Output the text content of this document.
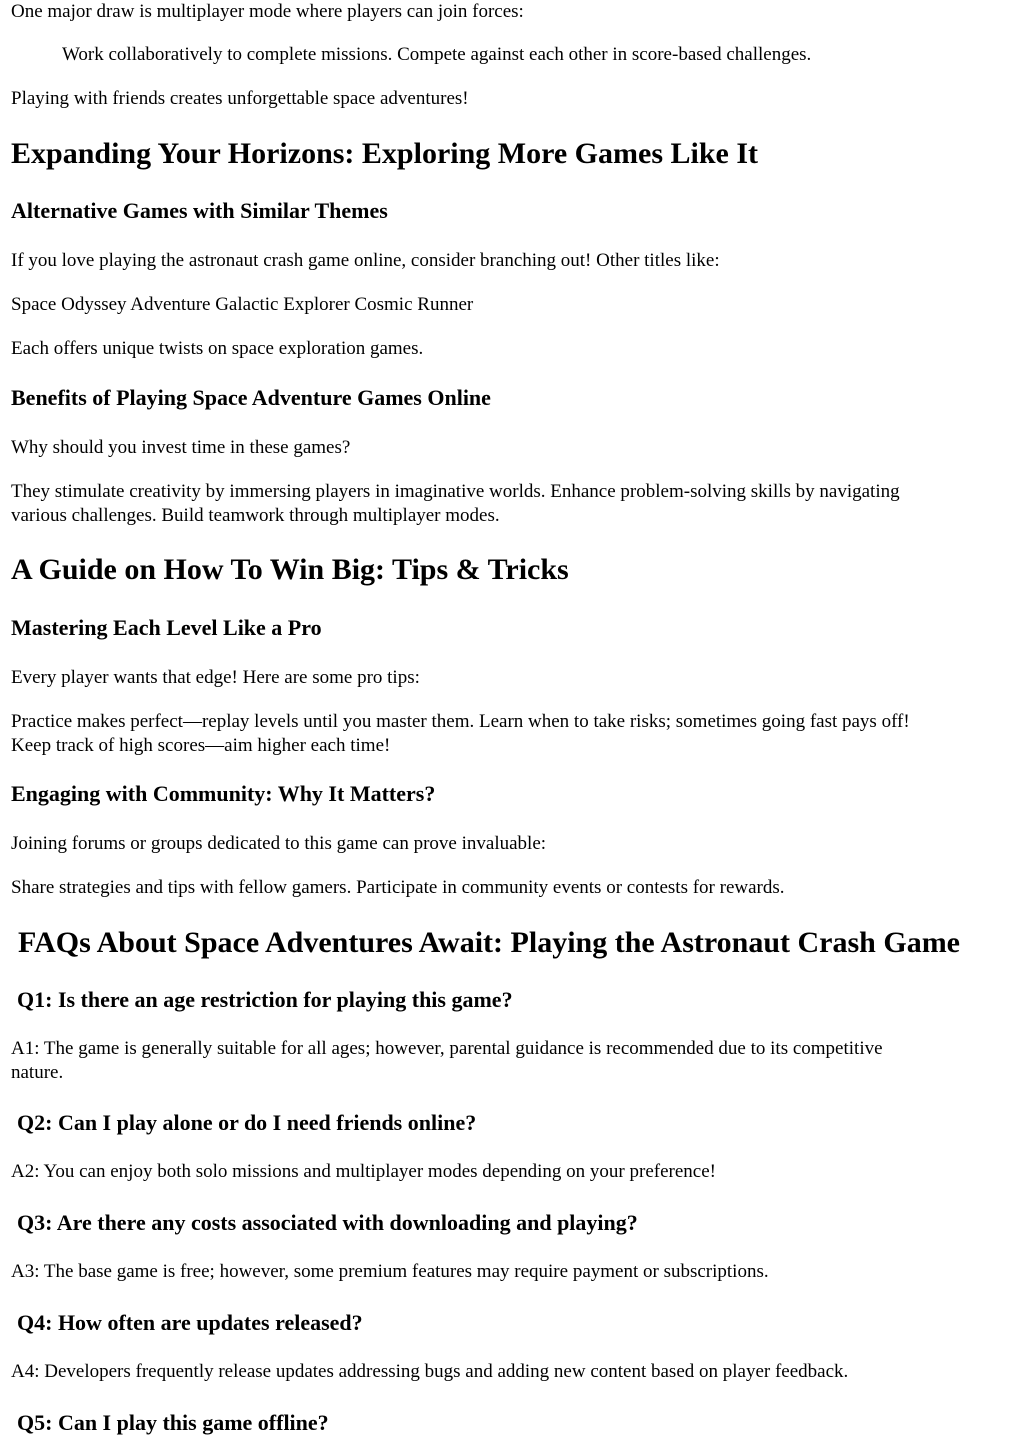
One major draw is multiplayer mode where players can join forces:

Work collaboratively to complete missions. Compete against each other in score-based challenges.

Playing with friends creates unforgettable space adventures!

Expanding Your Horizons: Exploring More Games Like It
Alternative Games with Similar Themes

If you love playing the astronaut crash game online, consider branching out! Other titles like:

Space Odyssey Adventure Galactic Explorer Cosmic Runner

Each offers unique twists on space exploration games.

Benefits of Playing Space Adventure Games Online

Why should you invest time in these games?

They stimulate creativity by immersing players in imaginative worlds. Enhance problem-solving skills by navigating

various challenges. Build teamwork through multiplayer modes.

A Guide on How To Win Big: Tips & Tricks
Mastering Each Level Like a Pro

Every player wants that edge! Here are some pro tips:

Practice makes perfect—replay levels until you master them. Learn when to take risks; sometimes going fast pays off!

Keep track of high scores—aim higher each time!

Engaging with Community: Why It Matters?

Joining forums or groups dedicated to this game can prove invaluable:

Share strategies and tips with fellow gamers. Participate in community events or contests for rewards.

FAQs About Space Adventures Await: Playing the Astronaut Crash Game
Q1: Is there an age restriction for playing this game?

A1: The game is generally suitable for all ages; however, parental guidance is recommended due to its competitive

nature.

Q2: Can I play alone or do I need friends online?

A2: You can enjoy both solo missions and multiplayer modes depending on your preference!

Q3: Are there any costs associated with downloading and playing?

A3: The base game is free; however, some premium features may require payment or subscriptions.

Q4: How often are updates released?

A4: Developers frequently release updates addressing bugs and adding new content based on player feedback.

Q5: Can I play this game offline?
